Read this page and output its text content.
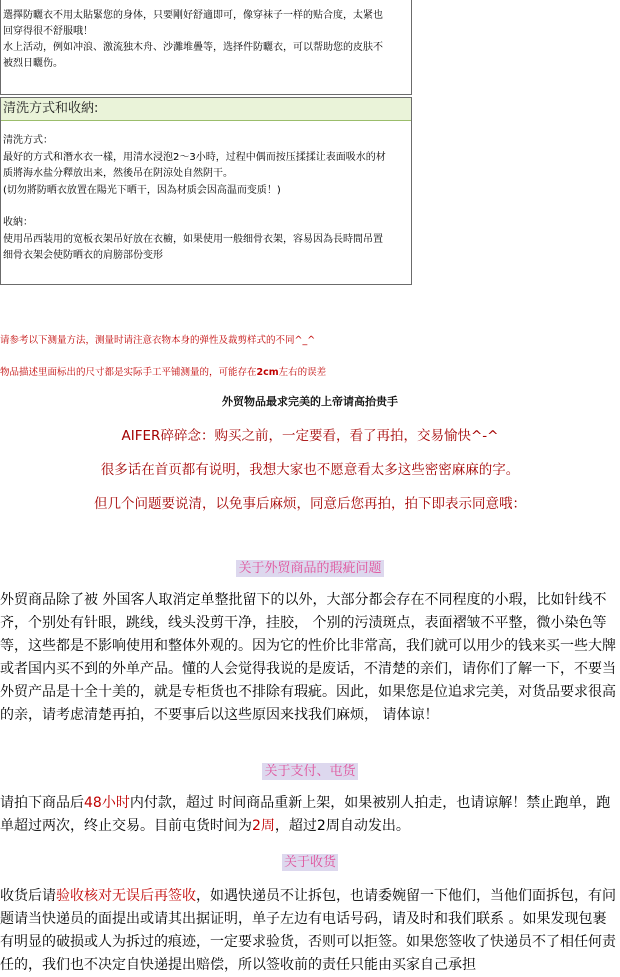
選擇防曬衣不用太貼緊您的身体，只要剛好舒適即可，像穿袜子一样的贴合度，太紧也
回穿得很不舒服哦！
水上活动，例如冲浪、激流独木舟、沙灘堆疊等，选择件防曬衣，可以帮助您的皮肤不
被烈日曬伤。
清洗方式和收納:

清洗方式：

最好的方式和潛水衣一樣，用清水浸泡2～3小時，过程中偶而按压揉揉让表面吸水的材

质將海水盐分釋放出来，然後吊在阴涼处自然阴干。

(切勿將防晒衣放置在陽光下晒干，因為材质会因高温而变质！)

收納：

使用吊西装用的宽板衣架吊好放在衣櫥，如果使用一般细骨衣架，容易因為長時間吊置

细骨衣架会使防晒衣的肩膀部份变形

请参考以下测量方法，测量时请注意衣物本身的弹性及裁剪样式的不同^_^
物品描述里面标出的尺寸都是实际手工平铺测量的，可能存在2cm左右的误差
外贸物品最求完美的上帝请高抬贵手
AIFER碎碎念：购买之前，一定要看，看了再拍，交易愉快^-^
很多话在首页都有说明，我想大家也不愿意看太多这些密密麻麻的字。
但几个问题要说清，以免事后麻烦，同意后您再拍，拍下即表示同意哦：
关于外贸商品的瑕疵问题
外贸商品除了被 外国客人取消定单整批留下的以外，大部分都会存在不同程度的小瑕，比如针线不齐，个别处有针眼，跳线，线头没剪干净，挂胶， 个别的污渍斑点，表面褶皱不平整，微小染色等等，这些都是不影响使用和整体外观的。因为它的性价比非常高，我们就可以用少的钱来买一些大牌或者国内买不到的外单产品。懂的人会觉得我说的是废话，不清楚的亲们，请你们了解一下，不要当外贸产品是十全十美的，就是专柜货也不排除有瑕疵。因此，如果您是位追求完美，对货品要求很高的亲，请考虑清楚再拍，不要事后以这些原因来找我们麻烦， 请体谅！
关于支付、屯货
请拍下商品后48小时内付款，超过 时间商品重新上架，如果被别人拍走，也请谅解！禁止跑单，跑单超过两次，终止交易。目前屯货时间为2周，超过2周自动发出。
关于收货
收货后请验收核对无误后再签收，如遇快递员不让拆包，也请委婉留一下他们，当他们面拆包，有问题请当快递员的面提出或请其出据证明，单子左边有电话号码，请及时和我们联系 。如果发现包裹有明显的破损或人为拆过的痕迹，一定要求验货，否则可以拒签。如果您签收了快递员不了相任何责任的，我们也不决定自快递提出赔偿，所以签收前的责任只能由买家自己承担
